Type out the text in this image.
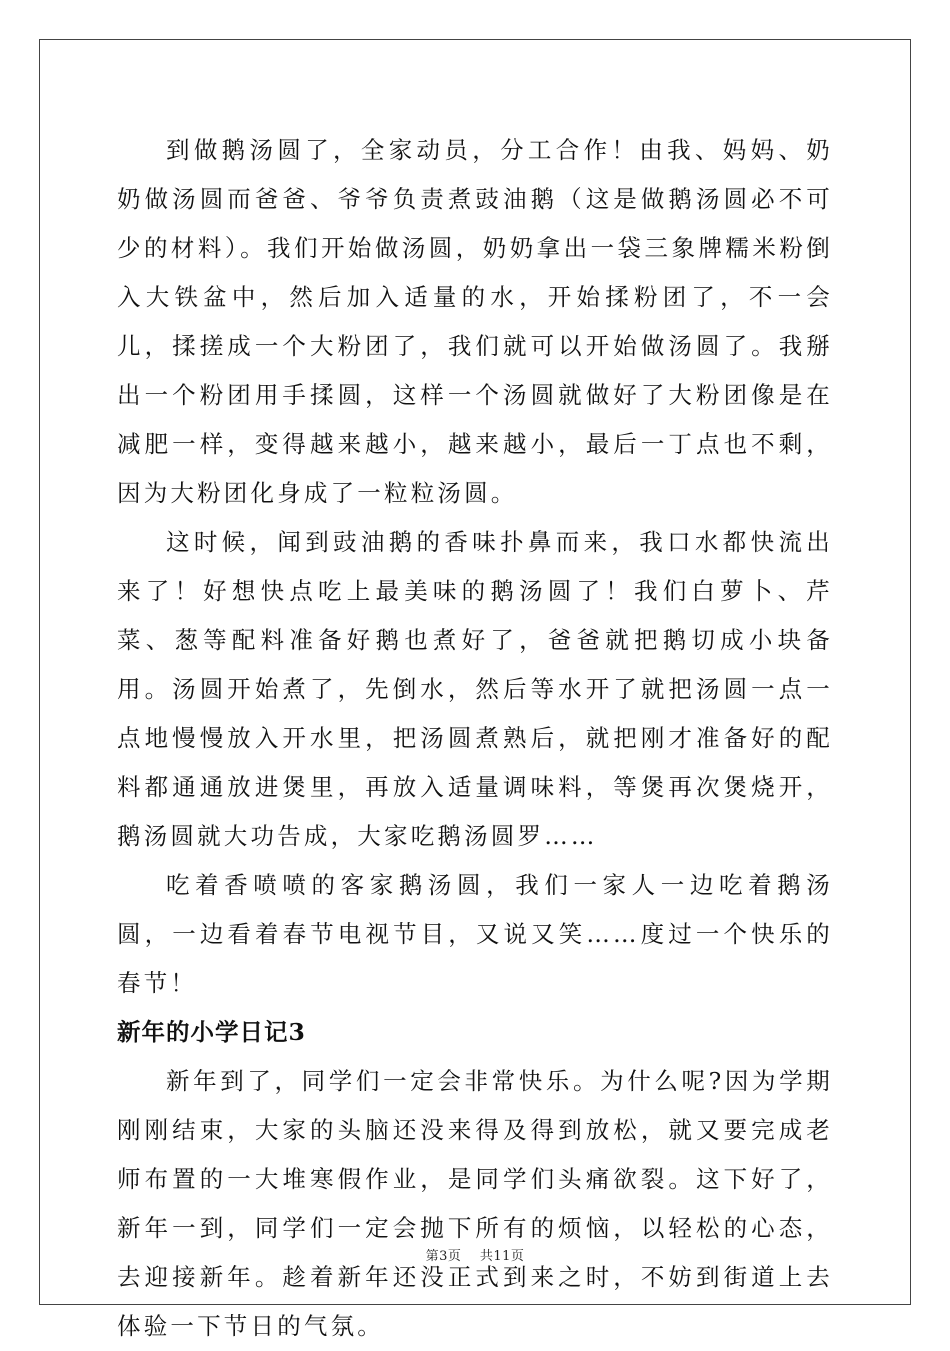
到做鹅汤圆了，全家动员，分工合作！由我、妈妈、奶奶做汤圆而爸爸、爷爷负责煮豉油鹅（这是做鹅汤圆必不可少的材料）。我们开始做汤圆，奶奶拿出一袋三象牌糯米粉倒入大铁盆中，然后加入适量的水，开始揉粉团了，不一会儿，揉搓成一个大粉团了，我们就可以开始做汤圆了。我掰出一个粉团用手揉圆，这样一个汤圆就做好了大粉团像是在减肥一样，变得越来越小，越来越小，最后一丁点也不剩，因为大粉团化身成了一粒粒汤圆。

这时候，闻到豉油鹅的香味扑鼻而来，我口水都快流出来了！好想快点吃上最美味的鹅汤圆了！我们白萝卜、芹菜、葱等配料准备好鹅也煮好了，爸爸就把鹅切成小块备用。汤圆开始煮了，先倒水，然后等水开了就把汤圆一点一点地慢慢放入开水里，把汤圆煮熟后，就把刚才准备好的配料都通通放进煲里，再放入适量调味料，等煲再次煲烧开，鹅汤圆就大功告成，大家吃鹅汤圆罗……

吃着香喷喷的客家鹅汤圆，我们一家人一边吃着鹅汤圆，一边看着春节电视节目，又说又笑……度过一个快乐的春节！

新年的小学日记3

新年到了，同学们一定会非常快乐。为什么呢?因为学期刚刚结束，大家的头脑还没来得及得到放松，就又要完成老师布置的一大堆寒假作业，是同学们头痛欲裂。这下好了，新年一到，同学们一定会抛下所有的烦恼，以轻松的心态，去迎接新年。趁着新年还没正式到来之时，不妨到街道上去体验一下节日的气氛。

第3页 共11页
